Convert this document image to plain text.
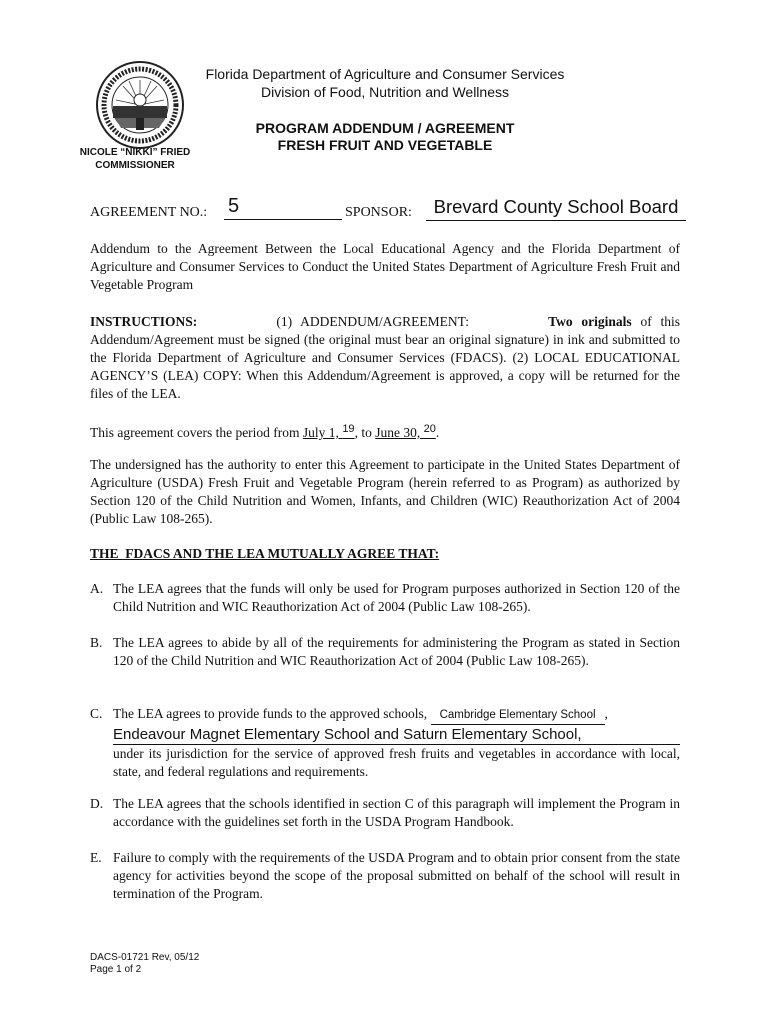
Florida Department of Agriculture and Consumer Services
Division of Food, Nutrition and Wellness
PROGRAM ADDENDUM / AGREEMENT
FRESH FRUIT AND VEGETABLE
NICOLE “NIKKI” FRIED
COMMISSIONER
AGREEMENT NO.: 5	SPONSOR:	Brevard County School Board
Addendum to the Agreement Between the Local Educational Agency and the Florida Department of Agriculture and Consumer Services to Conduct the United States Department of Agriculture Fresh Fruit and Vegetable Program
INSTRUCTIONS:	(1) ADDENDUM/AGREEMENT:	Two originals of this Addendum/Agreement must be signed (the original must bear an original signature) in ink and submitted to the Florida Department of Agriculture and Consumer Services (FDACS). (2) LOCAL EDUCATIONAL AGENCY’S (LEA) COPY: When this Addendum/Agreement is approved, a copy will be returned for the files of the LEA.
This agreement covers the period from July 1, $^{19}$, to June 30, $^{20}$.
The undersigned has the authority to enter this Agreement to participate in the United States Department of Agriculture (USDA) Fresh Fruit and Vegetable Program (herein referred to as Program) as authorized by Section 120 of the Child Nutrition and Women, Infants, and Children (WIC) Reauthorization Act of 2004 (Public Law 108-265).
THE  FDACS AND THE LEA MUTUALLY AGREE THAT:
A. The LEA agrees that the funds will only be used for Program purposes authorized in Section 120 of the Child Nutrition and WIC Reauthorization Act of 2004 (Public Law 108-265).
B. The LEA agrees to abide by all of the requirements for administering the Program as stated in Section 120 of the Child Nutrition and WIC Reauthorization Act of 2004 (Public Law 108-265).
C. The LEA agrees to provide funds to the approved schools, Cambridge Elementary School ,
Endeavour Magnet Elementary School and Saturn Elementary School,
under its jurisdiction for the service of approved fresh fruits and vegetables in accordance with local, state, and federal regulations and requirements.
D. The LEA agrees that the schools identified in section C of this paragraph will implement the Program in accordance with the guidelines set forth in the USDA Program Handbook.
E. Failure to comply with the requirements of the USDA Program and to obtain prior consent from the state agency for activities beyond the scope of the proposal submitted on behalf of the school will result in termination of the Program.
DACS-01721 Rev, 05/12
Page 1 of 2
